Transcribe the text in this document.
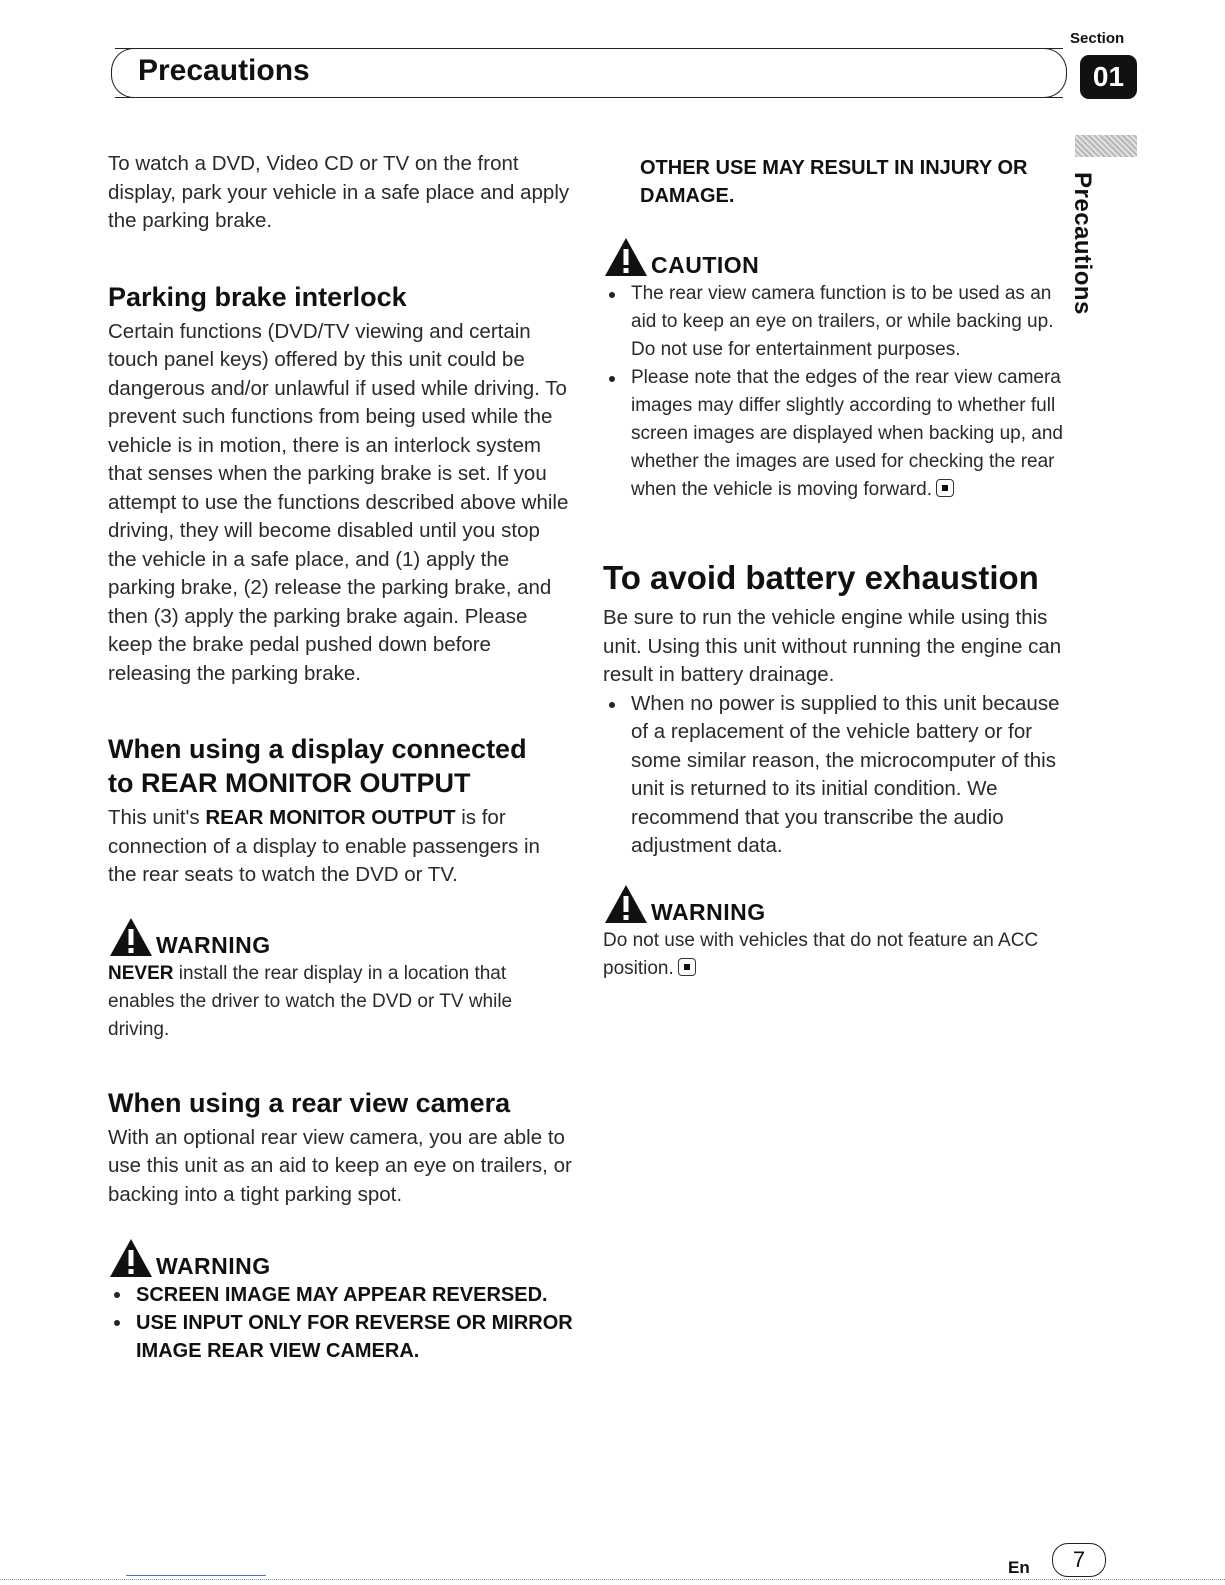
Section
Precautions	01
Precautions

To watch a DVD, Video CD or TV on the front display, park your vehicle in a safe place and apply the parking brake.

Parking brake interlock

Certain functions (DVD/TV viewing and certain touch panel keys) offered by this unit could be dangerous and/or unlawful if used while driving. To prevent such functions from being used while the vehicle is in motion, there is an interlock system that senses when the parking brake is set. If you attempt to use the functions described above while driving, they will become disabled until you stop the vehicle in a safe place, and (1) apply the parking brake, (2) release the parking brake, and then (3) apply the parking brake again. Please keep the brake pedal pushed down before releasing the parking brake.

When using a display connected
to REAR MONITOR OUTPUT

This unit's REAR MONITOR OUTPUT is for connection of a display to enable passengers in the rear seats to watch the DVD or TV.

WARNING

NEVER install the rear display in a location that enables the driver to watch the DVD or TV while driving.

When using a rear view camera

With an optional rear view camera, you are able to use this unit as an aid to keep an eye on trailers, or backing into a tight parking spot.

WARNING
SCREEN IMAGE MAY APPEAR REVERSED.
USE INPUT ONLY FOR REVERSE OR MIRROR IMAGE REAR VIEW CAMERA.

OTHER USE MAY RESULT IN INJURY OR DAMAGE.

CAUTION
The rear view camera function is to be used as an aid to keep an eye on trailers, or while backing up. Do not use for entertainment purposes.
Please note that the edges of the rear view camera images may differ slightly according to whether full screen images are displayed when backing up, and whether the images are used for checking the rear when the vehicle is moving forward.
To avoid battery exhaustion

Be sure to run the vehicle engine while using this unit. Using this unit without running the engine can result in battery drainage.

When no power is supplied to this unit because of a replacement of the vehicle battery or for some similar reason, the microcomputer of this unit is returned to its initial condition. We recommend that you transcribe the audio adjustment data.
WARNING

Do not use with vehicles that do not feature an ACC position.

En	7
